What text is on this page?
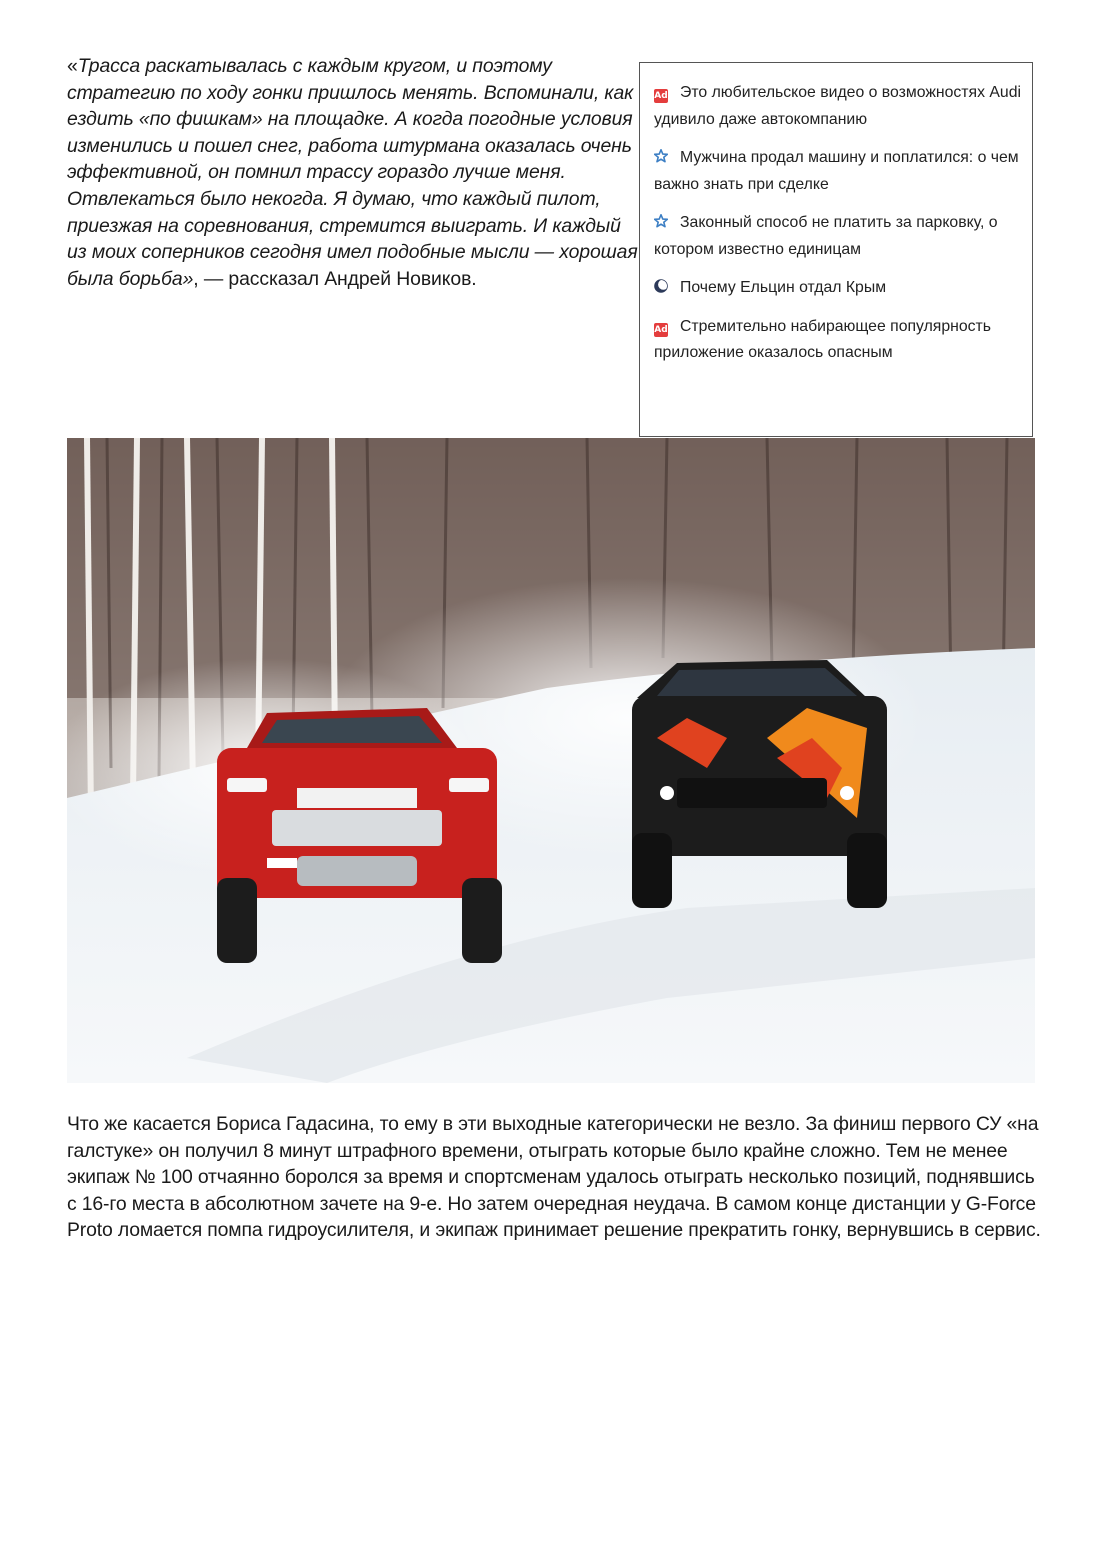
«Трасса раскатывалась с каждым кругом, и поэтому стратегию по ходу гонки пришлось менять. Вспоминали, как ездить «по фишкам» на площадке. А когда погодные условия изменились и пошел снег, работа штурмана оказалась очень эффективной, он помнил трассу гораздо лучше меня. Отвлекаться было некогда. Я думаю, что каждый пилот, приезжая на соревнования, стремится выиграть. И каждый из моих соперников сегодня имел подобные мысли — хорошая была борьба», — рассказал Андрей Новиков.
Ad Это любительское видео о возможностях Audi удивило даже автокомпанию
Мужчина продал машину и поплатился: о чем важно знать при сделке
Законный способ не платить за парковку, о котором известно единицам
Почему Ельцин отдал Крым
Ad Стремительно набирающее популярность приложение оказалось опасным
Что же касается Бориса Гадасина, то ему в эти выходные категорически не везло. За финиш первого СУ «на галстуке» он получил 8 минут штрафного времени, отыграть которые было крайне сложно. Тем не менее экипаж № 100 отчаянно боролся за время и спортсменам удалось отыграть несколько позиций, поднявшись с 16-го места в абсолютном зачете на 9-е. Но затем очередная неудача. В самом конце дистанции у G-Force Proto ломается помпа гидроусилителя, и экипаж принимает решение прекратить гонку, вернувшись в сервис.
